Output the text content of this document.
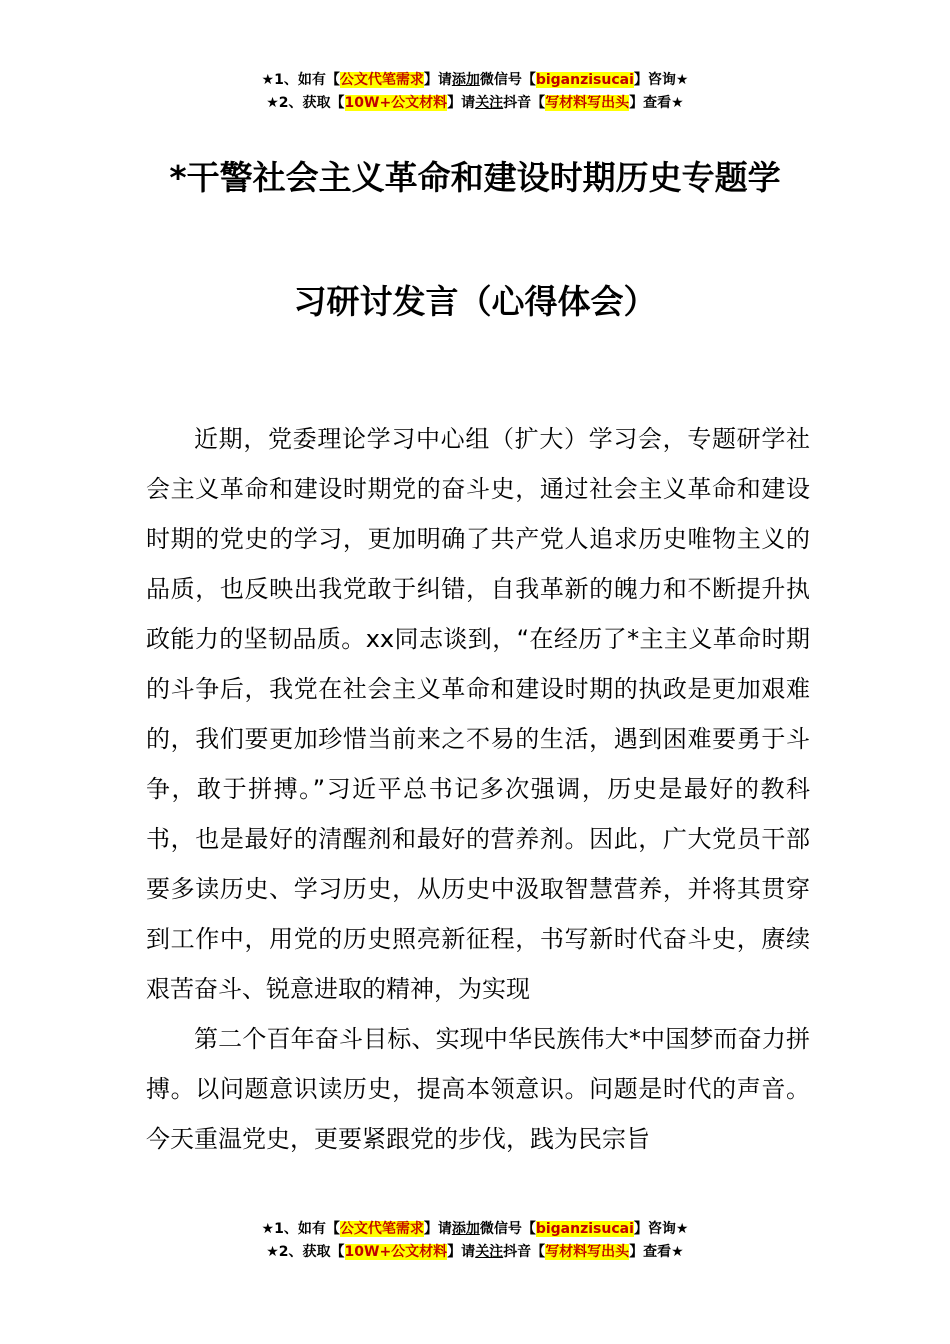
★1、如有【公文代笔需求】请添加微信号【biganzisucai】咨询★
★2、获取【10W+公文材料】请关注抖音【写材料写出头】查看★
*干警社会主义革命和建设时期历史专题学
习研讨发言（心得体会）

近期，党委理论学习中心组（扩大）学习会，专题研学社会主义革命和建设时期党的奋斗史，通过社会主义革命和建设时期的党史的学习，更加明确了共产党人追求历史唯物主义的品质，也反映出我党敢于纠错，自我革新的魄力和不断提升执政能力的坚韧品质。xx同志谈到，“在经历了*主主义革命时期的斗争后，我党在社会主义革命和建设时期的执政是更加艰难的，我们要更加珍惜当前来之不易的生活，遇到困难要勇于斗争，敢于拼搏。”习近平总书记多次强调，历史是最好的教科书，也是最好的清醒剂和最好的营养剂。因此，广大党员干部要多读历史、学习历史，从历史中汲取智慧营养，并将其贯穿到工作中，用党的历史照亮新征程，书写新时代奋斗史，赓续艰苦奋斗、锐意进取的精神，为实现

第二个百年奋斗目标、实现中华民族伟大*中国梦而奋力拼搏。以问题意识读历史，提高本领意识。问题是时代的声音。今天重温党史，更要紧跟党的步伐，践为民宗旨

★1、如有【公文代笔需求】请添加微信号【biganzisucai】咨询★
★2、获取【10W+公文材料】请关注抖音【写材料写出头】查看★
